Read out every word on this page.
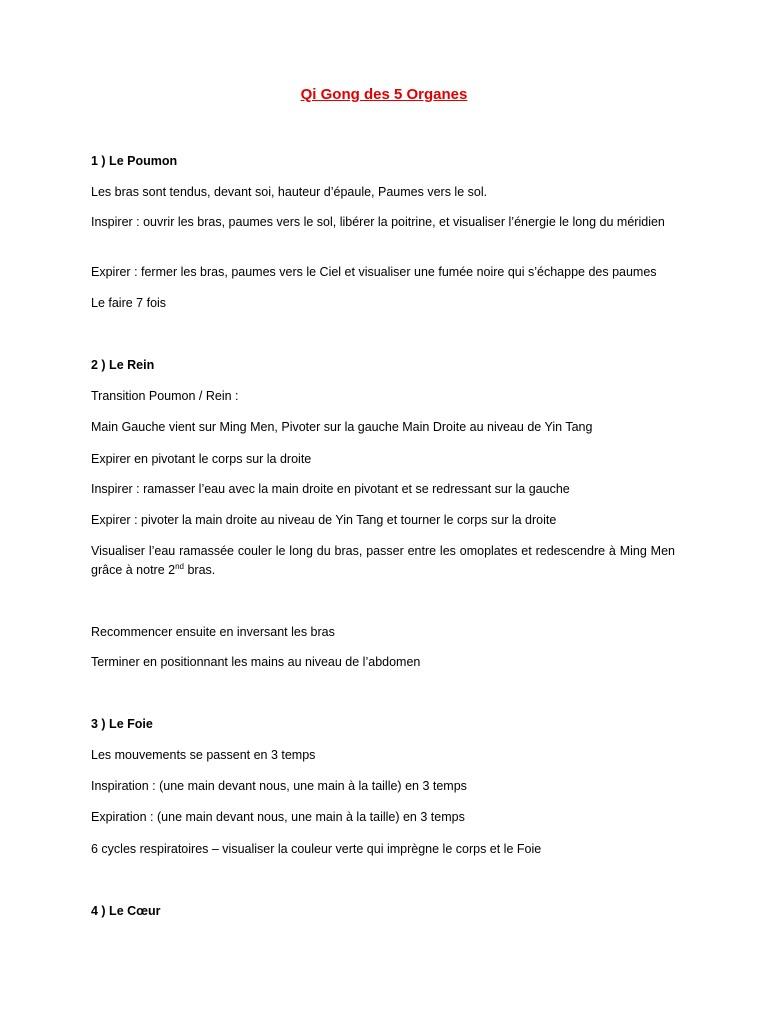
Qi Gong des 5 Organes
1 ) Le Poumon
Les bras sont tendus, devant soi, hauteur d’épaule, Paumes vers le sol.
Inspirer : ouvrir les bras, paumes vers le sol, libérer la poitrine, et visualiser l’énergie le long du méridien
Expirer : fermer les bras, paumes vers le Ciel et visualiser une fumée noire qui s’échappe des paumes
Le faire 7 fois
2 ) Le Rein
Transition Poumon / Rein :
Main Gauche vient sur Ming Men, Pivoter sur la gauche Main Droite au niveau de Yin Tang
Expirer en pivotant le corps sur la droite
Inspirer : ramasser l’eau avec la main droite en pivotant et se redressant sur la gauche
Expirer : pivoter la main droite au niveau de Yin Tang et tourner le corps sur la droite
Visualiser l’eau ramassée couler le long du bras, passer entre les omoplates et redescendre à Ming Men grâce à notre 2nd bras.
Recommencer ensuite en inversant les bras
Terminer en positionnant les mains au niveau de l’abdomen
3 ) Le Foie
Les mouvements se passent en 3 temps
Inspiration : (une main devant nous, une main à la taille) en 3 temps
Expiration : (une main devant nous, une main à la taille) en 3 temps
6 cycles respiratoires – visualiser la couleur verte qui imprègne le corps et le Foie
4 ) Le Cœur
